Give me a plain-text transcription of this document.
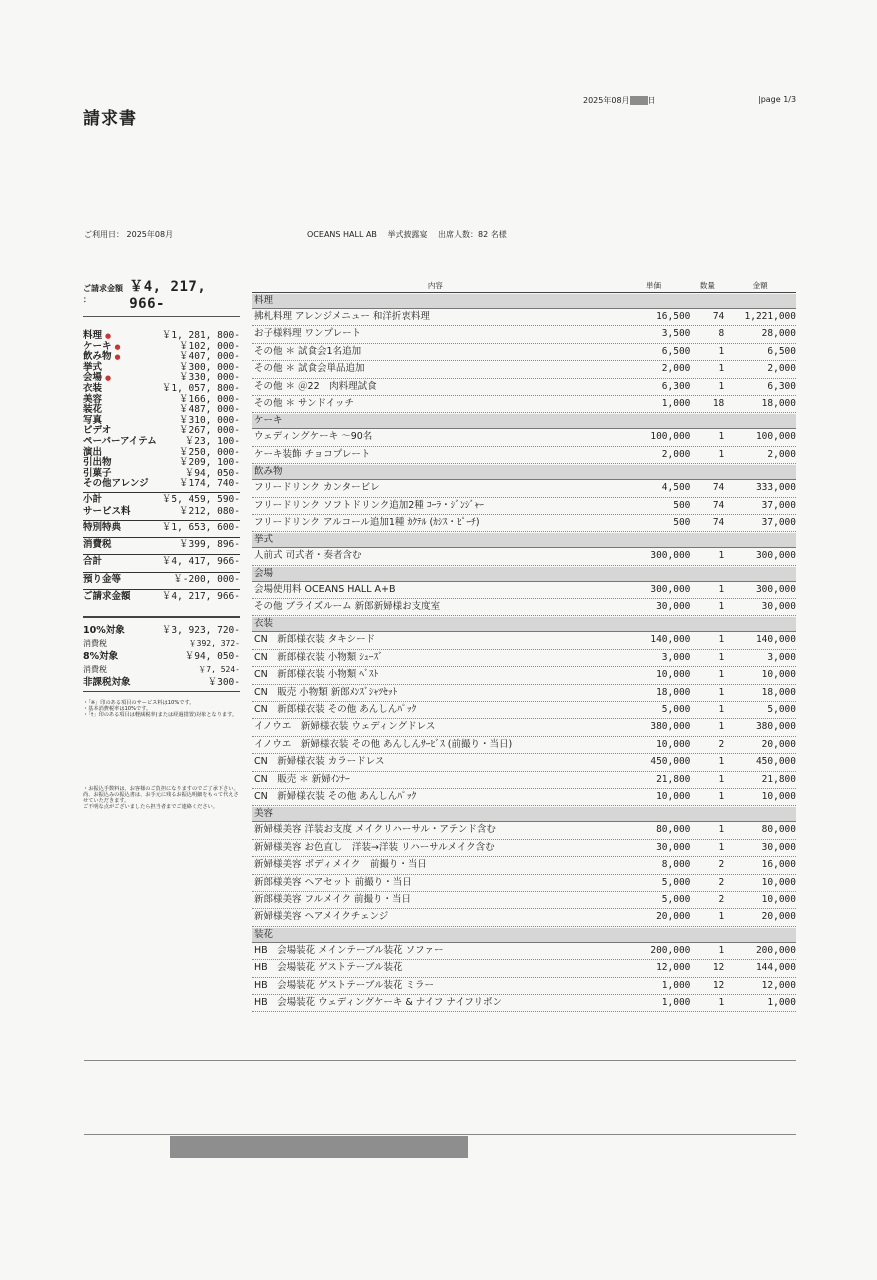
請求書
2025年08月 日	|page 1/3
ご利用日： 2025年08月	OCEANS HALL AB　 挙式披露宴　 出席人数：82 名様
ご請求金額 ：
￥4, 217, 966-
料理 ●	￥1, 281, 800-
ケーキ ●	￥102, 000-
飲み物 ●	￥407, 000-
挙式	￥300, 000-
会場 ●	￥330, 000-
衣装	￥1, 057, 800-
美容	￥166, 000-
装花	￥487, 000-
写真	￥310, 000-
ビデオ	￥267, 000-
ペーパーアイテム	￥23, 100-
演出	￥250, 000-
引出物	￥209, 100-
引菓子	￥94, 050-
その他アレンジ	￥174, 740-
小計	￥5, 459, 590-
サービス料	￥212, 080-
特別特典	￥1, 653, 600-
消費税	￥399, 896-
合計	￥4, 417, 966-
預り金等	￥-200, 000-
ご請求金額	￥4, 217, 966-
10%対象	￥3, 923, 720-
消費税	￥392, 372-
8%対象	￥94, 050-
消費税	￥7, 524-
非課税対象	￥300-
・「※」印のある項目のサービス料は10%です。
・基本消費税率は10%です。
・「†」印のある項目は軽減税率(または経過措置)対象となります。
・お振込手数料は、お客様のご負担になりますのでご了承下さい。
尚、お振込みの振込書は、お手元に残るお振込明細をもって代えさせていただきます。
ご不明な点がございましたら担当者までご連絡ください。
内容	単価	数量	金額
料理
拂札料理 アレンジメニュー 和洋折衷料理	16,500	74	1,221,000
お子様料理 ワンプレート	3,500	8	28,000
その他 ＊ 試食会1名追加	6,500	1	6,500
その他 ＊ 試食会単品追加	2,000	1	2,000
その他 ＊ ＠22　肉料理試食	6,300	1	6,300
その他 ＊ サンドイッチ	1,000	18	18,000
ケーキ
ウェディングケーキ ～90名	100,000	1	100,000
ケーキ装飾 チョコプレート	2,000	1	2,000
飲み物
フリードリンク カンタービレ	4,500	74	333,000
フリードリンク ソフトドリンク追加2種 ｺｰﾗ・ｼﾞﾝｼﾞｬｰ	500	74	37,000
フリードリンク アルコール追加1種 ｶｸﾃﾙ (ｶｼｽ・ﾋﾟｰﾁ)	500	74	37,000
挙式
人前式 司式者・奏者含む	300,000	1	300,000
会場
会場使用料 OCEANS HALL A+B	300,000	1	300,000
その他 ブライズルーム 新郎新婦様お支度室	30,000	1	30,000
衣装
CN　新郎様衣装 タキシード	140,000	1	140,000
CN　新郎様衣装 小物類 ｼｭｰｽﾞ	3,000	1	3,000
CN　新郎様衣装 小物類 ﾍﾞｽﾄ	10,000	1	10,000
CN　販売 小物類 新郎ﾒﾝｽﾞｼｬﾂｾｯﾄ	18,000	1	18,000
CN　新郎様衣装 その他 あんしんﾊﾟｯｸ	5,000	1	5,000
イノウエ　新婦様衣装 ウェディングドレス	380,000	1	380,000
イノウエ　新婦様衣装 その他 あんしんｻｰﾋﾞｽ (前撮り・当日)	10,000	2	20,000
CN　新婦様衣装 カラードレス	450,000	1	450,000
CN　販売 ＊ 新婦ｲﾝﾅｰ	21,800	1	21,800
CN　新婦様衣装 その他 あんしんﾊﾟｯｸ	10,000	1	10,000
美容
新婦様美容 洋装お支度 メイクリハーサル・アテンド含む	80,000	1	80,000
新婦様美容 お色直し　洋装→洋装 リハーサルメイク含む	30,000	1	30,000
新婦様美容 ボディメイク　前撮り・当日	8,000	2	16,000
新郎様美容 ヘアセット 前撮り・当日	5,000	2	10,000
新郎様美容 フルメイク 前撮り・当日	5,000	2	10,000
新婦様美容 ヘアメイクチェンジ	20,000	1	20,000
装花
HB　会場装花 メインテーブル装花 ソファー	200,000	1	200,000
HB　会場装花 ゲストテーブル装花	12,000	12	144,000
HB　会場装花 ゲストテーブル装花 ミラー	1,000	12	12,000
HB　会場装花 ウェディングケーキ & ナイフ ナイフリボン	1,000	1	1,000
